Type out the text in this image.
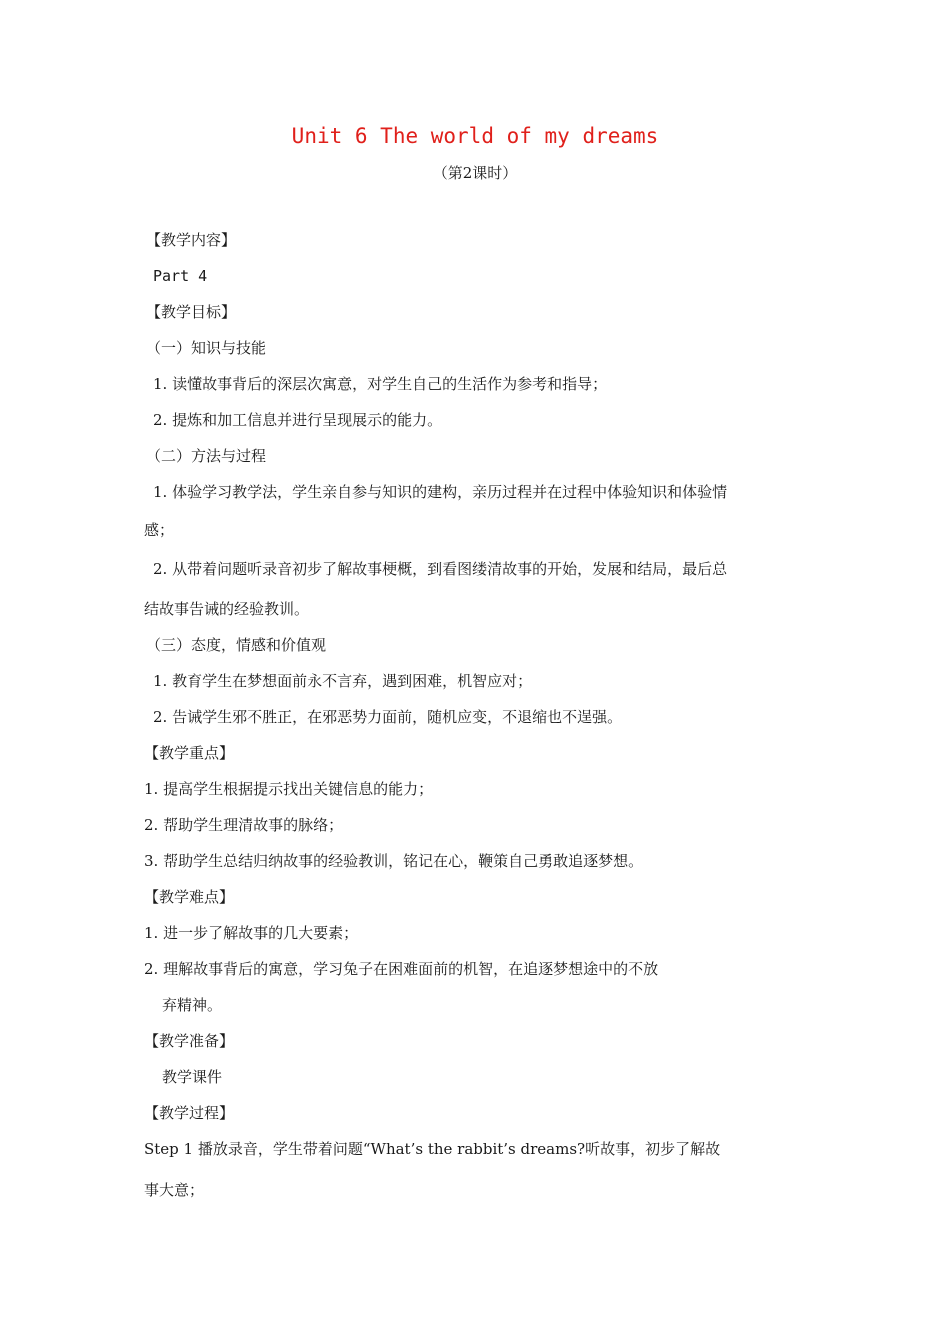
Unit 6 The world of my dreams
（第2课时）
【教学内容】
Part 4
【教学目标】
（一）知识与技能
1. 读懂故事背后的深层次寓意，对学生自己的生活作为参考和指导；
2. 提炼和加工信息并进行呈现展示的能力。
（二）方法与过程
1. 体验学习教学法，学生亲自参与知识的建构，亲历过程并在过程中体验知识和体验情
感；
2. 从带着问题听录音初步了解故事梗概，到看图缕清故事的开始，发展和结局，最后总
结故事告诫的经验教训。
（三）态度，情感和价值观
1. 教育学生在梦想面前永不言弃，遇到困难，机智应对；
2. 告诫学生邪不胜正，在邪恶势力面前，随机应变，不退缩也不逞强。
【教学重点】
1. 提高学生根据提示找出关键信息的能力；
2. 帮助学生理清故事的脉络；
3. 帮助学生总结归纳故事的经验教训，铭记在心，鞭策自己勇敢追逐梦想。
【教学难点】
1. 进一步了解故事的几大要素；
2. 理解故事背后的寓意，学习兔子在困难面前的机智，在追逐梦想途中的不放
弃精神。
【教学准备】
教学课件
【教学过程】
Step 1 播放录音，学生带着问题“What’s the rabbit’s dreams?听故事，初步了解故
事大意；
